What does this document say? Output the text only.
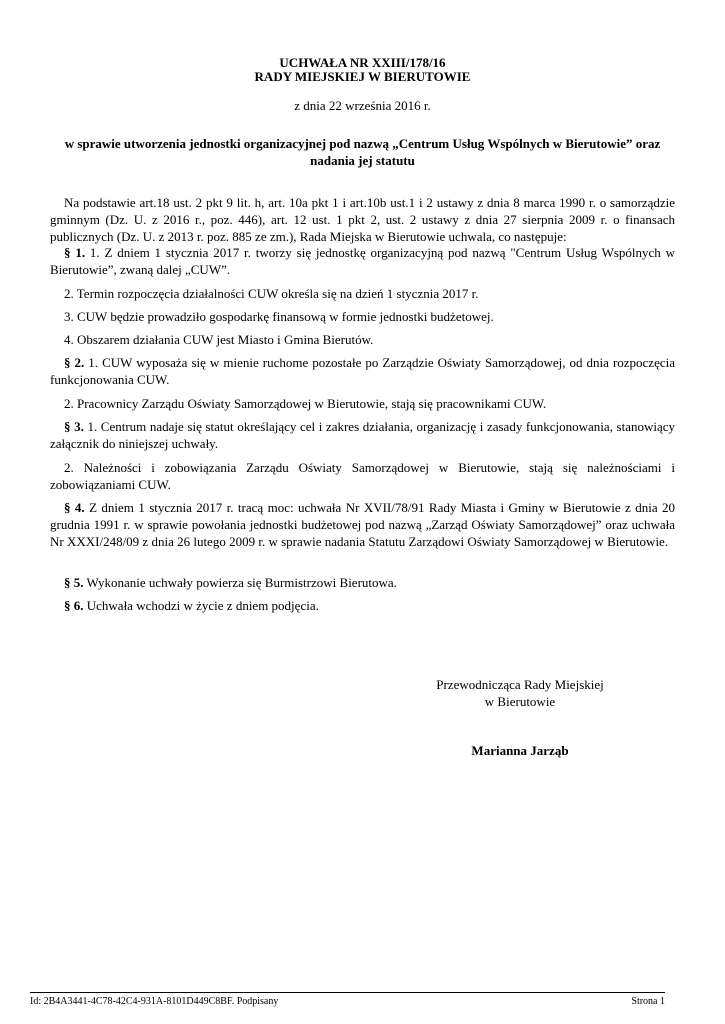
UCHWAŁA NR XXIII/178/16
RADY MIEJSKIEJ W BIERUTOWIE
z dnia 22 września 2016 r.
w sprawie utworzenia jednostki organizacyjnej pod nazwą „Centrum Usług Wspólnych w Bierutowie” oraz nadania jej statutu
Na podstawie art.18 ust. 2 pkt 9 lit. h, art. 10a pkt 1 i art.10b ust.1 i 2 ustawy z dnia 8 marca 1990 r. o samorządzie gminnym (Dz. U. z 2016 r., poz. 446), art. 12 ust. 1 pkt 2, ust. 2 ustawy z dnia 27 sierpnia 2009 r. o finansach publicznych (Dz. U. z 2013 r. poz. 885 ze zm.), Rada Miejska w Bierutowie uchwala, co następuje:
§ 1. 1. Z dniem 1 stycznia 2017 r. tworzy się jednostkę organizacyjną pod nazwą "Centrum Usług Wspólnych w Bierutowie”, zwaną dalej „CUW”.
2. Termin rozpoczęcia działalności CUW określa się na dzień 1 stycznia 2017 r.
3. CUW będzie prowadziło gospodarkę finansową w formie jednostki budżetowej.
4. Obszarem działania CUW jest Miasto i Gmina Bierutów.
§ 2. 1. CUW wyposaża się w mienie ruchome pozostałe po Zarządzie Oświaty Samorządowej, od dnia rozpoczęcia funkcjonowania CUW.
2. Pracownicy Zarządu Oświaty Samorządowej w Bierutowie, stają się pracownikami CUW.
§ 3. 1. Centrum nadaje się statut określający cel i zakres działania, organizację i zasady funkcjonowania, stanowiący załącznik do niniejszej uchwały.
2. Należności i zobowiązania Zarządu Oświaty Samorządowej w Bierutowie, stają się należnościami i zobowiązaniami CUW.
§ 4. Z dniem 1 stycznia 2017 r. tracą moc: uchwała Nr XVII/78/91 Rady Miasta i Gminy w Bierutowie z dnia 20 grudnia 1991 r. w sprawie powołania jednostki budżetowej pod nazwą „Zarząd Oświaty Samorządowej” oraz uchwała Nr XXXI/248/09 z dnia 26 lutego 2009 r. w sprawie nadania Statutu Zarządowi Oświaty Samorządowej w Bierutowie.
§ 5. Wykonanie uchwały powierza się Burmistrzowi Bierutowa.
§ 6. Uchwała wchodzi w życie z dniem podjęcia.
Przewodnicząca Rady Miejskiej
w Bierutowie
Marianna Jarząb
Id: 2B4A3441-4C78-42C4-931A-8101D449C8BF. Podpisany	Strona 1
